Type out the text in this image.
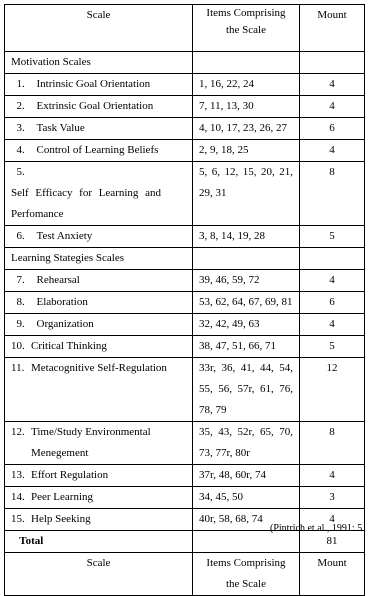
Scale	Items Comprising the Scale	Mount
Motivation Scales		
1. Intrinsic Goal Orientation	1, 16, 22, 24	4
2. Extrinsic Goal Orientation	7, 11, 13, 30	4
3. Task Value	4, 10, 17, 23, 26, 27	6
4. Control of Learning Beliefs	2, 9, 18, 25	4
5.Self Efficacy for Learning and Perfomance	5, 6, 12, 15, 20, 21, 29, 31	8
6. Test Anxiety	3, 8, 14, 19, 28	5
Learning Stategies Scales		
7. Rehearsal	39, 46, 59, 72	4
8. Elaboration	53, 62, 64, 67, 69, 81	6
9. Organization	32, 42, 49, 63	4
10. Critical Thinking	38, 47, 51, 66, 71	5
11. Metacognitive Self-Regulation	33r, 36, 41, 44, 54, 55, 56, 57r, 61, 76, 78, 79	12
12. Time/Study Environmental Menegement	35, 43, 52r, 65, 70, 73, 77r, 80r	8
13. Effort Regulation	37r, 48, 60r, 74	4
14. Peer Learning	34, 45, 50	3
15. Help Seeking	40r, 58, 68, 74	4
Total		81
Scale	Items Comprising the Scale	Mount
(Pintrich et al., 1991: 5
